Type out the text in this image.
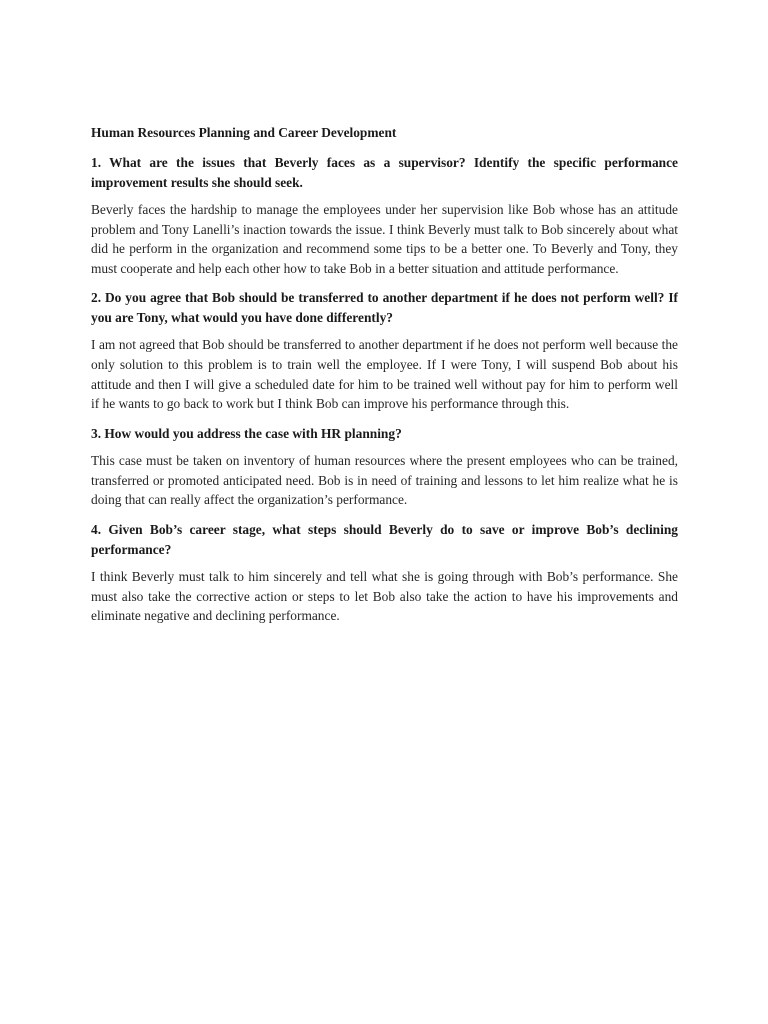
Human Resources Planning and Career Development

1. What are the issues that Beverly faces as a supervisor? Identify the specific performance improvement results she should seek.

Beverly faces the hardship to manage the employees under her supervision like Bob whose has an attitude problem and Tony Lanelli’s inaction towards the issue. I think Beverly must talk to Bob sincerely about what did he perform in the organization and recommend some tips to be a better one. To Beverly and Tony, they must cooperate and help each other how to take Bob in a better situation and attitude performance.

2. Do you agree that Bob should be transferred to another department if he does not perform well? If you are Tony, what would you have done differently?

I am not agreed that Bob should be transferred to another department if he does not perform well because the only solution to this problem is to train well the employee. If I were Tony, I will suspend Bob about his attitude and then I will give a scheduled date for him to be trained well without pay for him to perform well if he wants to go back to work but I think Bob can improve his performance through this.

3. How would you address the case with HR planning?

This case must be taken on inventory of human resources where the present employees who can be trained, transferred or promoted anticipated need. Bob is in need of training and lessons to let him realize what he is doing that can really affect the organization’s performance.

4. Given Bob’s career stage, what steps should Beverly do to save or improve Bob’s declining performance?

I think Beverly must talk to him sincerely and tell what she is going through with Bob’s performance. She must also take the corrective action or steps to let Bob also take the action to have his improvements and eliminate negative and declining performance.
